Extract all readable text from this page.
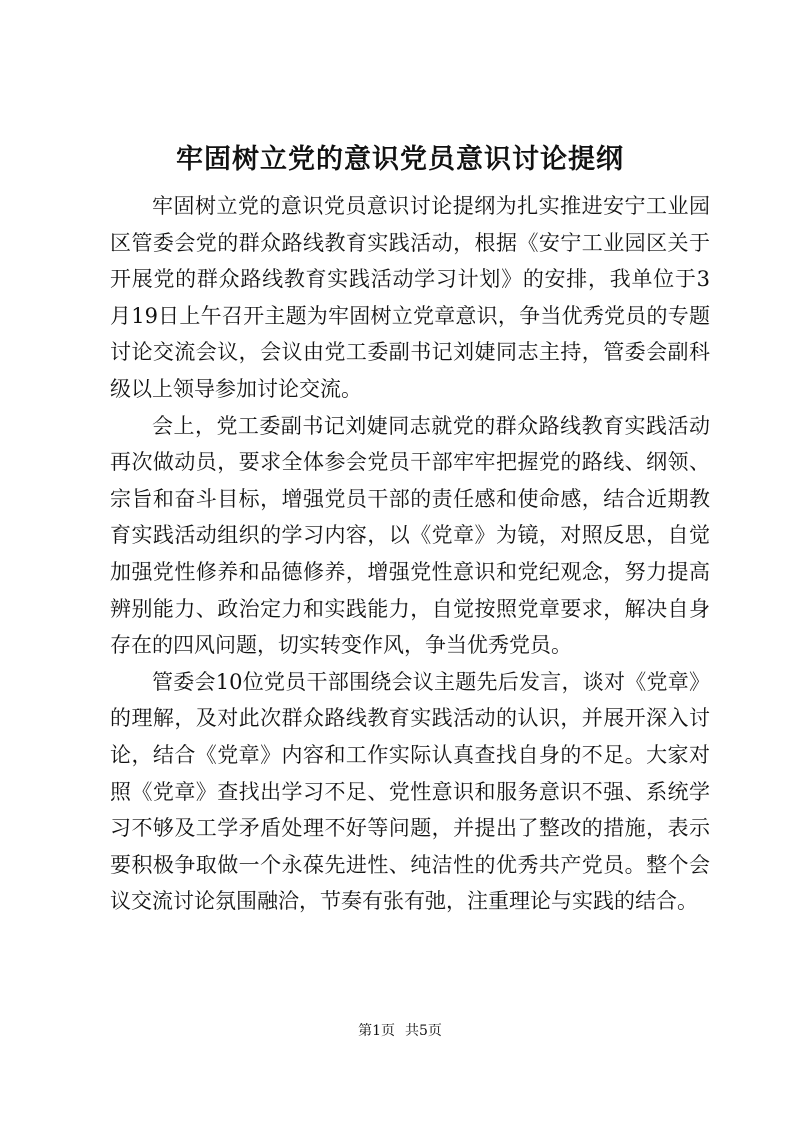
牢固树立党的意识党员意识讨论提纲

牢固树立党的意识党员意识讨论提纲为扎实推进安宁工业园区管委会党的群众路线教育实践活动，根据《安宁工业园区关于开展党的群众路线教育实践活动学习计划》的安排，我单位于3月19日上午召开主题为牢固树立党章意识，争当优秀党员的专题讨论交流会议，会议由党工委副书记刘婕同志主持，管委会副科级以上领导参加讨论交流。

会上，党工委副书记刘婕同志就党的群众路线教育实践活动再次做动员，要求全体参会党员干部牢牢把握党的路线、纲领、宗旨和奋斗目标，增强党员干部的责任感和使命感，结合近期教育实践活动组织的学习内容，以《党章》为镜，对照反思，自觉加强党性修养和品德修养，增强党性意识和党纪观念，努力提高辨别能力、政治定力和实践能力，自觉按照党章要求，解决自身存在的四风问题，切实转变作风，争当优秀党员。

管委会10位党员干部围绕会议主题先后发言，谈对《党章》的理解，及对此次群众路线教育实践活动的认识，并展开深入讨论，结合《党章》内容和工作实际认真查找自身的不足。大家对照《党章》查找出学习不足、党性意识和服务意识不强、系统学习不够及工学矛盾处理不好等问题，并提出了整改的措施，表示要积极争取做一个永葆先进性、纯洁性的优秀共产党员。整个会议交流讨论氛围融洽，节奏有张有弛，注重理论与实践的结合。

第1页 共5页
